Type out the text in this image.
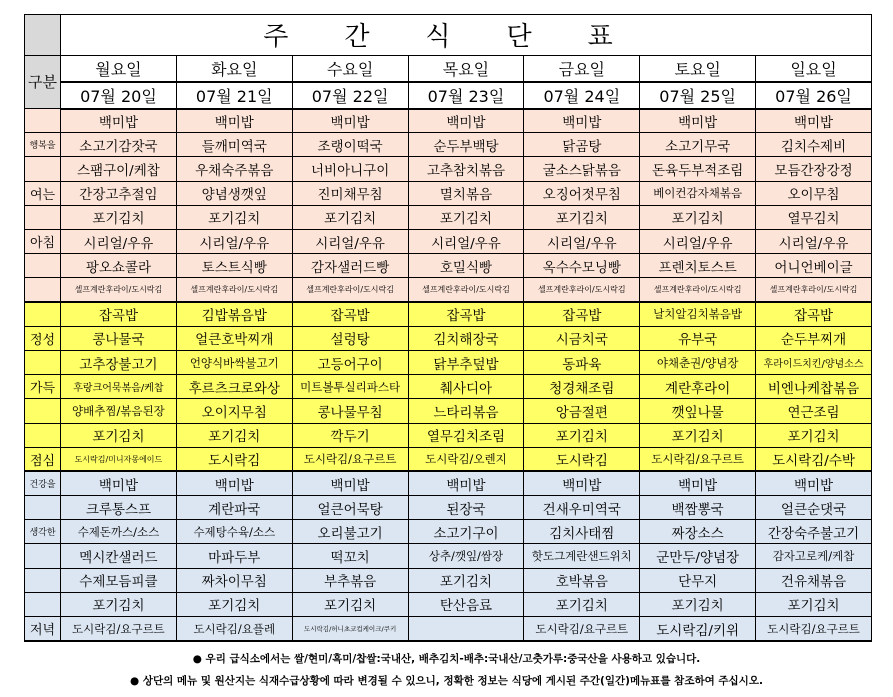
	주간식단표						
구분	월요일	화요일	수요일	목요일	금요일	토요일	일요일
	07월 20일	07월 21일	07월 22일	07월 23일	07월 24일	07월 25일	07월 26일
	백미밥	백미밥	백미밥	백미밥	백미밥	백미밥	백미밥
행복을	소고기감잣국	들깨미역국	조랭이떡국	순두부백탕	닭곰탕	소고기무국	김치수제비
	스팸구이/케찹	우채숙주볶음	너비아니구이	고추참치볶음	굴소스닭볶음	돈육두부적조림	모듬간장강정
여는	간장고추절임	양념생깻잎	진미채무침	멸치볶음	오징어젓무침	베이컨감자채볶음	오이무침
	포기김치	포기김치	포기김치	포기김치	포기김치	포기김치	열무김치
아침	시리얼/우유	시리얼/우유	시리얼/우유	시리얼/우유	시리얼/우유	시리얼/우유	시리얼/우유
	팡오쇼콜라	토스트식빵	감자샐러드빵	호밀식빵	옥수수모닝빵	프렌치토스트	어니언베이글
	셀프계란후라이/도시락김	셀프계란후라이/도시락김	셀프계란후라이/도시락김	셀프계란후라이/도시락김	셀프계란후라이/도시락김	셀프계란후라이/도시락김	셀프계란후라이/도시락김
	잡곡밥	김밥볶음밥	잡곡밥	잡곡밥	잡곡밥	날치알김치볶음밥	잡곡밥
정성	콩나물국	얼큰호박찌개	설렁탕	김치해장국	시금치국	유부국	순두부찌개
	고추장불고기	언양식바싹불고기	고등어구이	닭부추덮밥	동파육	야채춘권/양념장	후라이드치킨/양념소스
가득	후랑크어묵볶음/케찹	후르츠크로와상	미트볼투실리파스타	췌사디아	청경채조림	계란후라이	비엔나케찹볶음
	양배추찜/볶음된장	오이지무침	콩나물무침	느타리볶음	앙금절편	깻잎나물	연근조림
	포기김치	포기김치	깍두기	열무김치조림	포기김치	포기김치	포기김치
점심	도시락김/미니자몽에이드	도시락김	도시락김/요구르트	도시락김/오렌지	도시락김	도시락김/요구르트	도시락김/수박
건강을	백미밥	백미밥	백미밥	백미밥	백미밥	백미밥	백미밥
	크루통스프	계란파국	얼큰어묵탕	된장국	건새우미역국	백짬뽕국	얼큰순댓국
생각한	수제돈까스/소스	수제탕수육/소스	오리불고기	소고기구이	김치사태찜	짜장소스	간장숙주불고기
	멕시칸샐러드	마파두부	떡꼬치	상추/깻잎/쌈장	핫도그계란샌드위치	군만두/양념장	감자고로케/케찹
	수제모듬피클	짜차이무침	부추볶음	포기김치	호박볶음	단무지	건유채볶음
	포기김치	포기김치	포기김치	탄산음료	포기김치	포기김치	포기김치
저녁	도시락김/요구르트	도시락김/요플레	도시락김/허니초코컵케이크/쿠키		도시락김/요구르트	도시락김/키위	도시락김/요구르트
● 우리 급식소에서는 쌀/현미/흑미/찹쌀:국내산, 배추김치-배추:국내산/고춧가루:중국산을 사용하고 있습니다.
● 상단의 메뉴 및 원산지는 식재수급상황에 따라 변경될 수 있으니, 정확한 정보는 식당에 게시된 주간(일간)메뉴표를 참조하여 주십시오.
